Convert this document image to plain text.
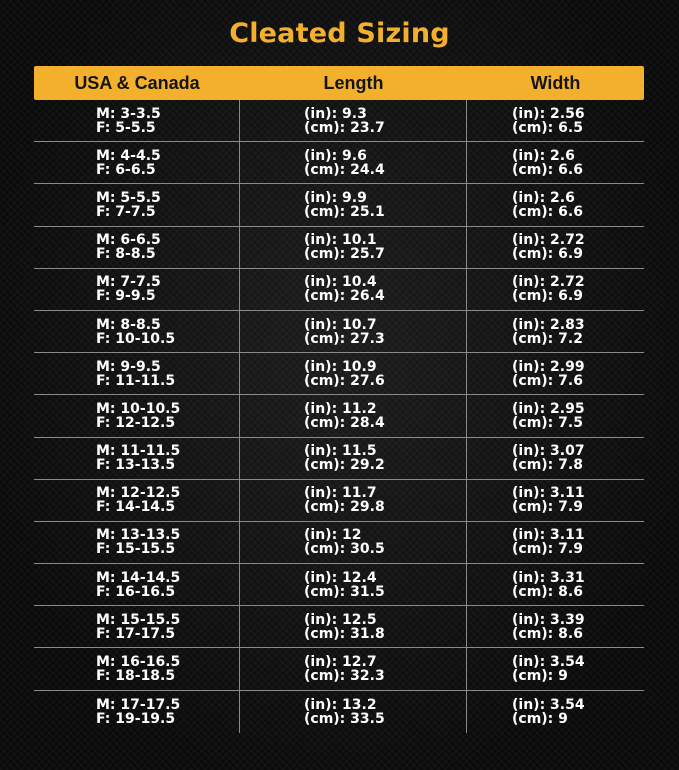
Cleated Sizing
USA & Canada	Length	Width
M: 3-3.5
F: 5-5.5
(in): 9.3
(cm): 23.7
(in): 2.56
(cm): 6.5
M: 4-4.5
F: 6-6.5
(in): 9.6
(cm): 24.4
(in): 2.6
(cm): 6.6
M: 5-5.5
F: 7-7.5
(in): 9.9
(cm): 25.1
(in): 2.6
(cm): 6.6
M: 6-6.5
F: 8-8.5
(in): 10.1
(cm): 25.7
(in): 2.72
(cm): 6.9
M: 7-7.5
F: 9-9.5
(in): 10.4
(cm): 26.4
(in): 2.72
(cm): 6.9
M: 8-8.5
F: 10-10.5
(in): 10.7
(cm): 27.3
(in): 2.83
(cm): 7.2
M: 9-9.5
F: 11-11.5
(in): 10.9
(cm): 27.6
(in): 2.99
(cm): 7.6
M: 10-10.5
F: 12-12.5
(in): 11.2
(cm): 28.4
(in): 2.95
(cm): 7.5
M: 11-11.5
F: 13-13.5
(in): 11.5
(cm): 29.2
(in): 3.07
(cm): 7.8
M: 12-12.5
F: 14-14.5
(in): 11.7
(cm): 29.8
(in): 3.11
(cm): 7.9
M: 13-13.5
F: 15-15.5
(in): 12
(cm): 30.5
(in): 3.11
(cm): 7.9
M: 14-14.5
F: 16-16.5
(in): 12.4
(cm): 31.5
(in): 3.31
(cm): 8.6
M: 15-15.5
F: 17-17.5
(in): 12.5
(cm): 31.8
(in): 3.39
(cm): 8.6
M: 16-16.5
F: 18-18.5
(in): 12.7
(cm): 32.3
(in): 3.54
(cm): 9
M: 17-17.5
F: 19-19.5
(in): 13.2
(cm): 33.5
(in): 3.54
(cm): 9
